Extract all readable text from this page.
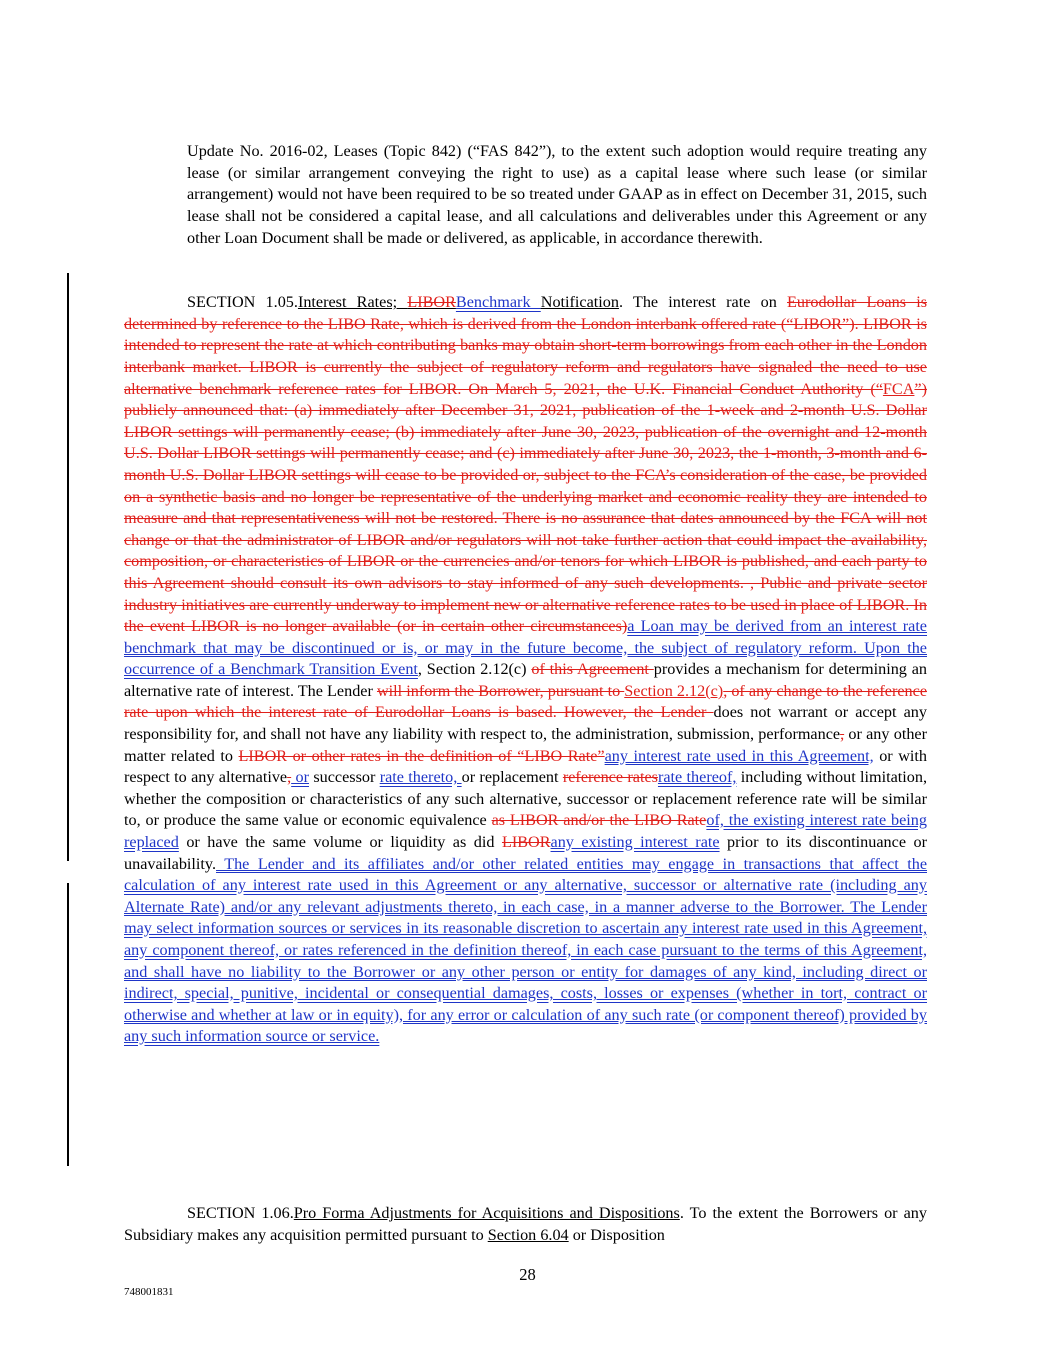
Update No. 2016-02, Leases (Topic 842) (“FAS 842”), to the extent such adoption would require treating any lease (or similar arrangement conveying the right to use) as a capital lease where such lease (or similar arrangement) would not have been required to be so treated under GAAP as in effect on December 31, 2015, such lease shall not be considered a capital lease, and all calculations and deliverables under this Agreement or any other Loan Document shall be made or delivered, as applicable, in accordance therewith.

SECTION 1.05.Interest Rates; LIBORBenchmark Notification. The interest rate on Eurodollar Loans is determined by reference to the LIBO Rate, which is derived from the London interbank offered rate (“LIBOR”). LIBOR is intended to represent the rate at which contributing banks may obtain short-term borrowings from each other in the London interbank market. LIBOR is currently the subject of regulatory reform and regulators have signaled the need to use alternative benchmark reference rates for LIBOR. On March 5, 2021, the U.K. Financial Conduct Authority (“FCA”) publicly announced that: (a) immediately after December 31, 2021, publication of the 1-week and 2-month U.S. Dollar LIBOR settings will permanently cease; (b) immediately after June 30, 2023, publication of the overnight and 12-month U.S. Dollar LIBOR settings will permanently cease; and (c) immediately after June 30, 2023, the 1-month, 3-month and 6-month U.S. Dollar LIBOR settings will cease to be provided or, subject to the FCA’s consideration of the case, be provided on a synthetic basis and no longer be representative of the underlying market and economic reality they are intended to measure and that representativeness will not be restored. There is no assurance that dates announced by the FCA will not change or that the administrator of LIBOR and/or regulators will not take further action that could impact the availability, composition, or characteristics of LIBOR or the currencies and/or tenors for which LIBOR is published, and each party to this Agreement should consult its own advisors to stay informed of any such developments. , Public and private sector industry initiatives are currently underway to implement new or alternative reference rates to be used in place of LIBOR. In the event LIBOR is no longer available (or in certain other circumstances)a Loan may be derived from an interest rate benchmark that may be discontinued or is, or may in the future become, the subject of regulatory reform. Upon the occurrence of a Benchmark Transition Event, Section 2.12(c) of this Agreement provides a mechanism for determining an alternative rate of interest. The Lender will inform the Borrower, pursuant to Section 2.12(c), of any change to the reference rate upon which the interest rate of Eurodollar Loans is based. However, the Lender does not warrant or accept any responsibility for, and shall not have any liability with respect to, the administration, submission, performance, or any other matter related to LIBOR or other rates in the definition of “LIBO Rate”any interest rate used in this Agreement, or with respect to any alternative, or successor rate thereto, or replacement reference ratesrate thereof, including without limitation, whether the composition or characteristics of any such alternative, successor or replacement reference rate will be similar to, or produce the same value or economic equivalence as LIBOR and/or the LIBO Rateof, the existing interest rate being replaced or have the same volume or liquidity as did LIBORany existing interest rate prior to its discontinuance or unavailability. The Lender and its affiliates and/or other related entities may engage in transactions that affect the calculation of any interest rate used in this Agreement or any alternative, successor or alternative rate (including any Alternate Rate) and/or any relevant adjustments thereto, in each case, in a manner adverse to the Borrower. The Lender may select information sources or services in its reasonable discretion to ascertain any interest rate used in this Agreement, any component thereof, or rates referenced in the definition thereof, in each case pursuant to the terms of this Agreement, and shall have no liability to the Borrower or any other person or entity for damages of any kind, including direct or indirect, special, punitive, incidental or consequential damages, costs, losses or expenses (whether in tort, contract or otherwise and whether at law or in equity), for any error or calculation of any such rate (or component thereof) provided by any such information source or service.

SECTION 1.06.Pro Forma Adjustments for Acquisitions and Dispositions. To the extent the Borrowers or any Subsidiary makes any acquisition permitted pursuant to Section 6.04 or Disposition

28
748001831
